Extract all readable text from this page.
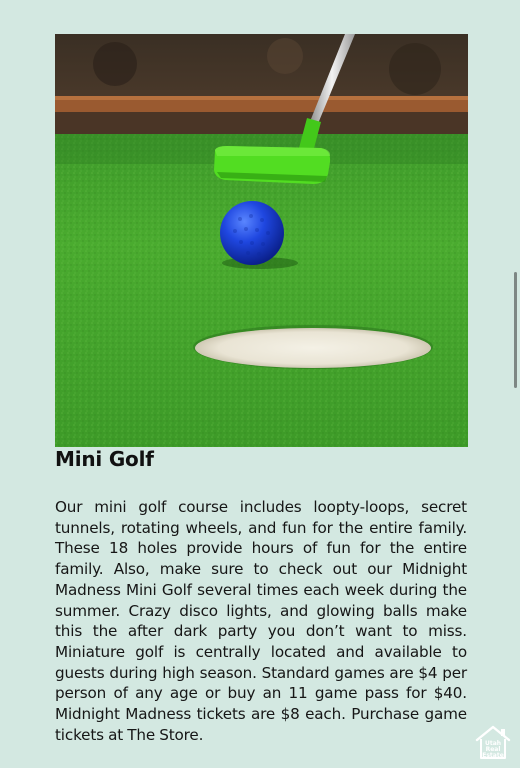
Mini Golf

Our mini golf course includes loopty-loops, secret tunnels, rotating wheels, and fun for the entire family. These 18 holes provide hours of fun for the entire family. Also, make sure to check out our Midnight Madness Mini Golf several times each week during the summer. Crazy disco lights, and glowing balls make this the after dark party you don’t want to miss. Miniature golf is centrally located and available to guests during high season. Standard games are $4 per person of any age or buy an 11 game pass for $40. Midnight Madness tickets are $8 each. Purchase game tickets at The Store.	Utah
Real
Estate
